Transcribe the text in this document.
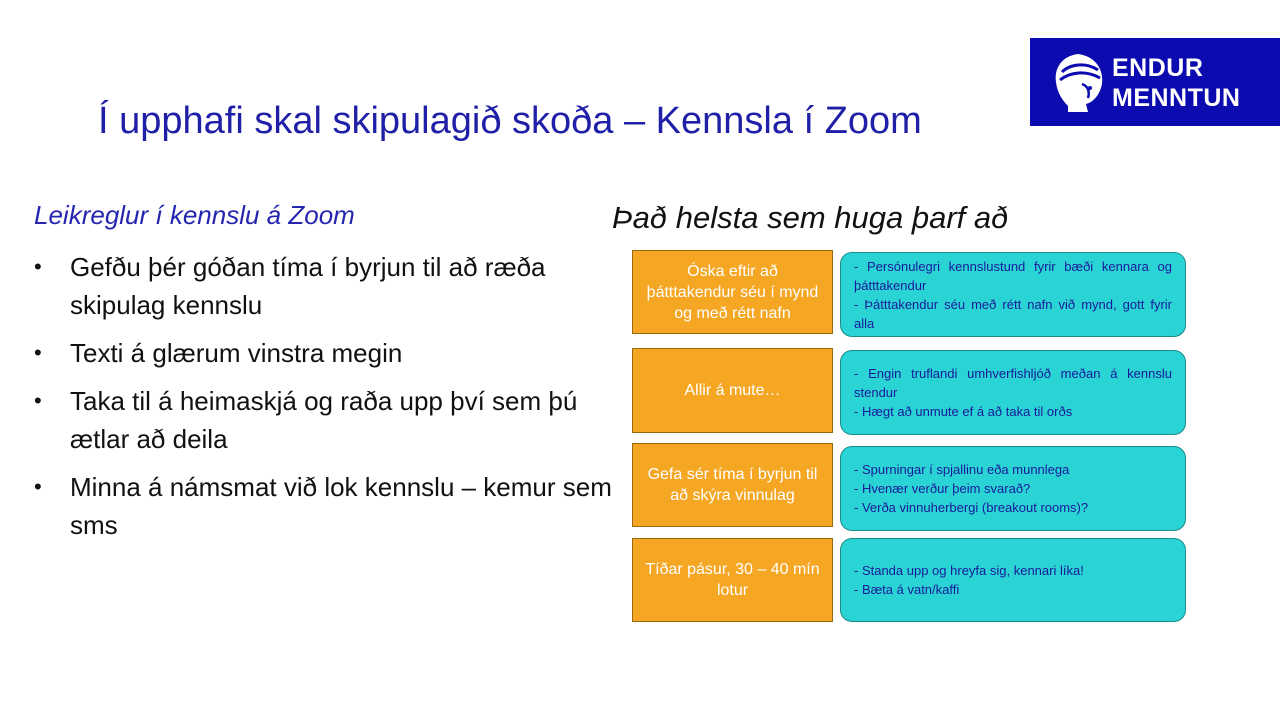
Í upphafi skal skipulagið skoða – Kennsla í Zoom
ENDUR
MENNTUN
Leikreglur í kennslu á Zoom
• Gefðu þér góðan tíma í byrjun til að ræða skipulag kennslu
• Texti á glærum vinstra megin
• Taka til á heimaskjá og raða upp því sem þú ætlar að deila
• Minna á námsmat við lok kennslu – kemur sem sms
Það helsta sem huga þarf að
Óska eftir að þátttakendur séu í mynd og með rétt nafn

- Persónulegri kennslustund fyrir bæði kennara og þátttakendur

- Þátttakendur séu með rétt nafn við mynd, gott fyrir alla

Allir á mute…

- Engin truflandi umhverfishljóð meðan á kennslu stendur

- Hægt að unmute ef á að taka til orðs

Gefa sér tíma í byrjun til að skýra vinnulag

- Spurningar í spjallinu eða munnlega

- Hvenær verður þeim svarað?

- Verða vinnuherbergi (breakout rooms)?

Tíðar pásur, 30 – 40 mín lotur

- Standa upp og hreyfa sig, kennari líka!

- Bæta á vatn/kaffi
